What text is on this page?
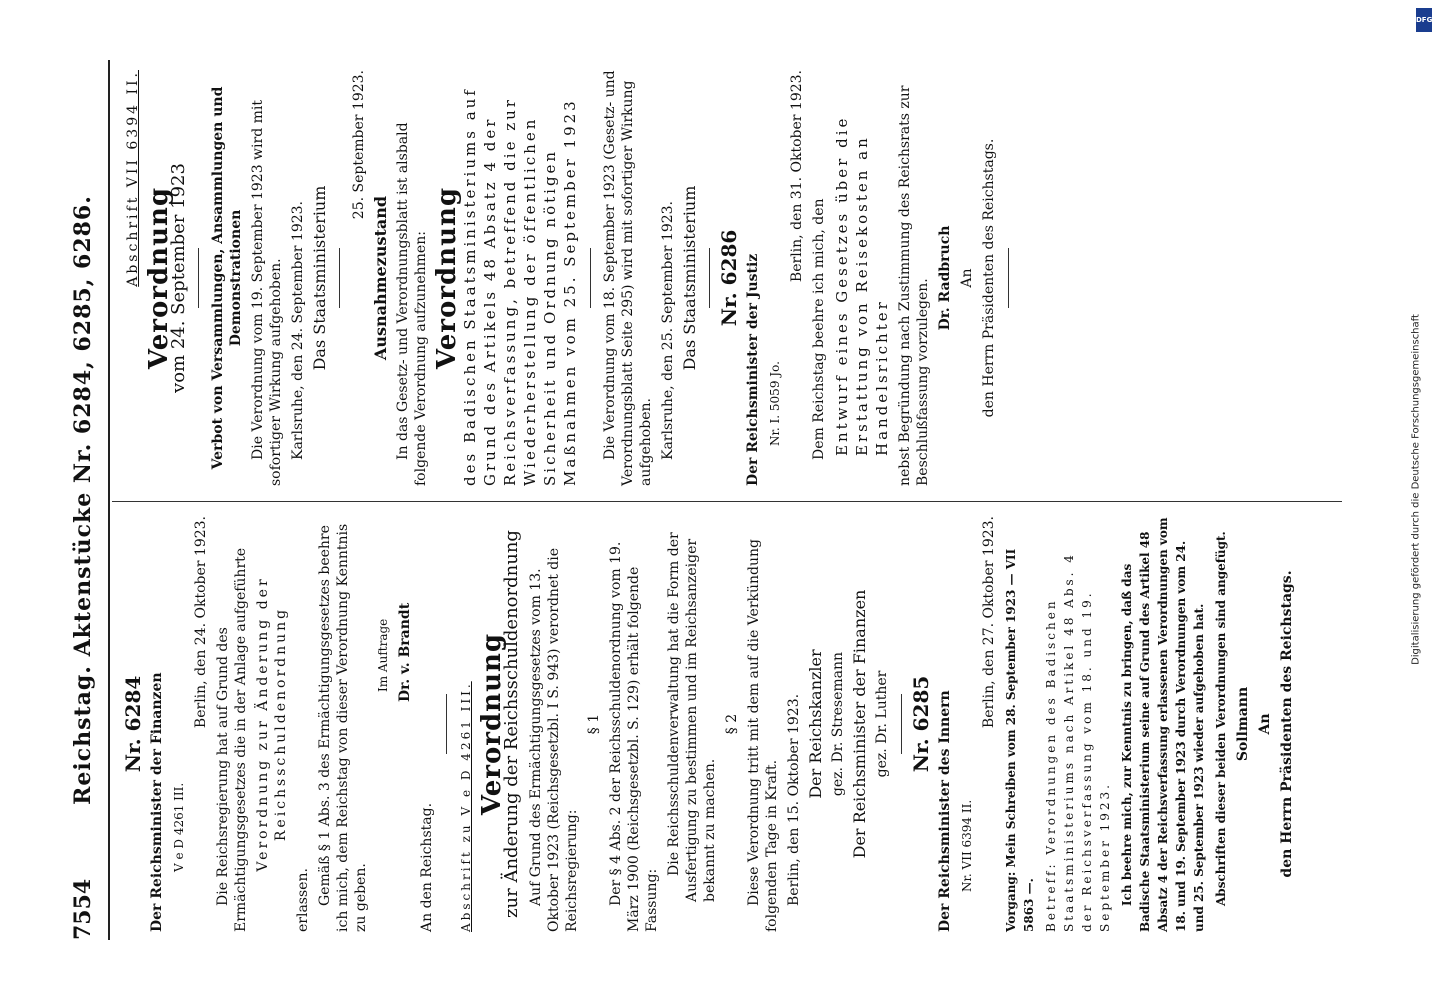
7554
Reichstag. Aktenstücke Nr. 6284, 6285, 6286. Nr. 6284 Der Reichsminister der Finanzen V e D 4261 III.

Berlin, den 24. Oktober 1923.

Die Reichsregierung hat auf Grund des Ermächtigungsgesetzes die in der Anlage aufgeführte Verordnung zur Änderung der Reichsschuldenordnung

erlassen. Gemäß § 1 Abs. 3 des Ermächtigungsgesetzes beehre ich mich, dem Reichstag von dieser Verordnung Kenntnis zu geben.

Im Auftrage Dr. v. Brandt

An den Reichstag. Abschrift zu V e D 4261 III. Verordnung
zur Änderung der Reichsschuldenordnung Auf Grund des Ermächtigungsgesetzes vom 13. Oktober 1923 (Reichsgesetzbl. I S. 943) verordnet die Reichsregierung:

§ 1 Der § 4 Abs. 2 der Reichsschuldenordnung vom 19. März 1900 (Reichsgesetzbl. S. 129) erhält folgende Fassung:

Die Reichsschuldenverwaltung hat die Form der Ausfertigung zu bestimmen und im Reichsanzeiger bekannt zu machen.

§ 2 Diese Verordnung tritt mit dem auf die Verkündung folgenden Tage in Kraft. Berlin, den 15. Oktober 1923. Der Reichskanzler gez. Dr. Stresemann Der Reichsminister der Finanzen gez. Dr. Luther Nr. 6285 Der Reichsminister des Innern Nr. VII 6394 II.

Berlin, den 27. Oktober 1923. Vorgang: Mein Schreiben vom 28. September 1923 — VII 5863 —. Betreff: Verordnungen des Badischen Staatsministeriums nach Artikel 48 Abs. 4 der Reichsverfassung vom 18. und 19. September 1923. Ich beehre mich, zur Kenntnis zu bringen, daß das Badische Staatsministerium seine auf Grund des Artikel 48 Absatz 4 der Reichsverfassung erlassenen Verordnungen vom 18. und 19. September 1923 durch Verordnungen vom 24. und 25. September 1923 wieder aufgehoben hat. Abschriften dieser beiden Verordnungen sind angefügt. Sollmann An den Herrn Präsidenten des Reichstags.

Abschrift VII 6394 II. Verordnung
vom 24. September 1923 Verbot von Versammlungen, Ansammlungen und Demonstrationen Die Verordnung vom 19. September 1923 wird mit sofortiger Wirkung aufgehoben. Karlsruhe, den 24. September 1923. Das Staatsministerium

25. September 1923.

Ausnahmezustand In das Gesetz- und Verordnungsblatt ist alsbald folgende Verordnung aufzunehmen: Verordnung des Badischen Staatsministeriums auf Grund des Artikels 48 Absatz 4 der Reichsverfassung, betreffend die zur Wiederherstellung der öffentlichen Sicherheit und Ordnung nötigen Maßnahmen vom 25. September 1923 Die Verordnung vom 18. September 1923 (Gesetz- und Verordnungsblatt Seite 295) wird mit sofortiger Wirkung aufgehoben. Karlsruhe, den 25. September 1923. Das Staatsministerium Nr. 6286 Der Reichsminister der Justiz Nr. I. 5059 Jo.

Berlin, den 31. Oktober 1923.

Dem Reichstag beehre ich mich, den Entwurf eines Gesetzes über die Erstattung von Reisekosten an Handelsrichter nebst Begründung nach Zustimmung des Reichsrats zur Beschlußfassung vorzulegen.

Dr. Radbruch An den Herrn Präsidenten des Reichstags.

Digitalisierung gefördert durch die Deutsche Forschungsgemeinschaft
DFG
